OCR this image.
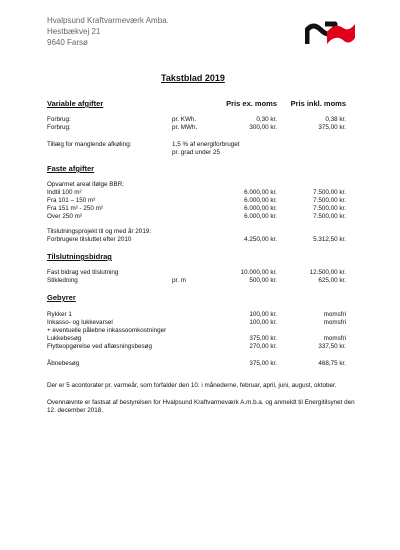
Hvalpsund Kraftvarmeværk Amba.
Hestbækvej 21
9640 Farsø
Takstblad 2019
Variable afgifter	Pris ex. moms	Pris inkl. moms
Forbrug:	pr. KWh.	0,30 kr.	0,38 kr.
Forbrug:	pr. MWh.	300,00 kr.	375,00 kr.
Tillæg for manglende afkøling:	1,5 % af energiforbruget
pr. grad under 25
Faste afgifter
Opvarmet areal ifølge BBR:
Indtil 100 m²	6.000,00 kr.	7.500,00 kr.
Fra 101 – 150 m²	6.000,00 kr.	7.500,00 kr.
Fra 151 m² - 250 m²	6.000,00 kr.	7.500,00 kr.
Over 250 m²	6.000,00 kr.	7.500,00 kr.
Tilslutningsprojekt til og med år 2019:
Forbrugere tilsluttet efter 2010	4.250,00 kr.	5.312,50 kr.
Tilslutningsbidrag
Fast bidrag ved tilslutning	10.000,00 kr.	12.500,00 kr.
Stikledning	pr. m	500,00 kr.	625,00 kr.
Gebyrer
Rykker 1	100,00 kr.	momsfri
Inkasso- og lukkevarsel	100,00 kr.	momsfri
+ eventuelle pålebne inkassoomkostninger
Lukkebesøg	375,00 kr.	momsfri
Flytteopgørelse ved aflæsningsbesøg	270,00 kr.	337,50 kr.
Åbnebesøg	375,00 kr.	468,75 kr.
Der er 5 acontorater pr. varmeår, som forfalder den 10. i månederne, februar, april, juni, august, oktober.
Ovennævnte er fastsat af bestyrelsen for Hvalpsund Kraftvarmeværk A.m.b.a. og anmeldt til Energitilsynet den 12. december 2018.
